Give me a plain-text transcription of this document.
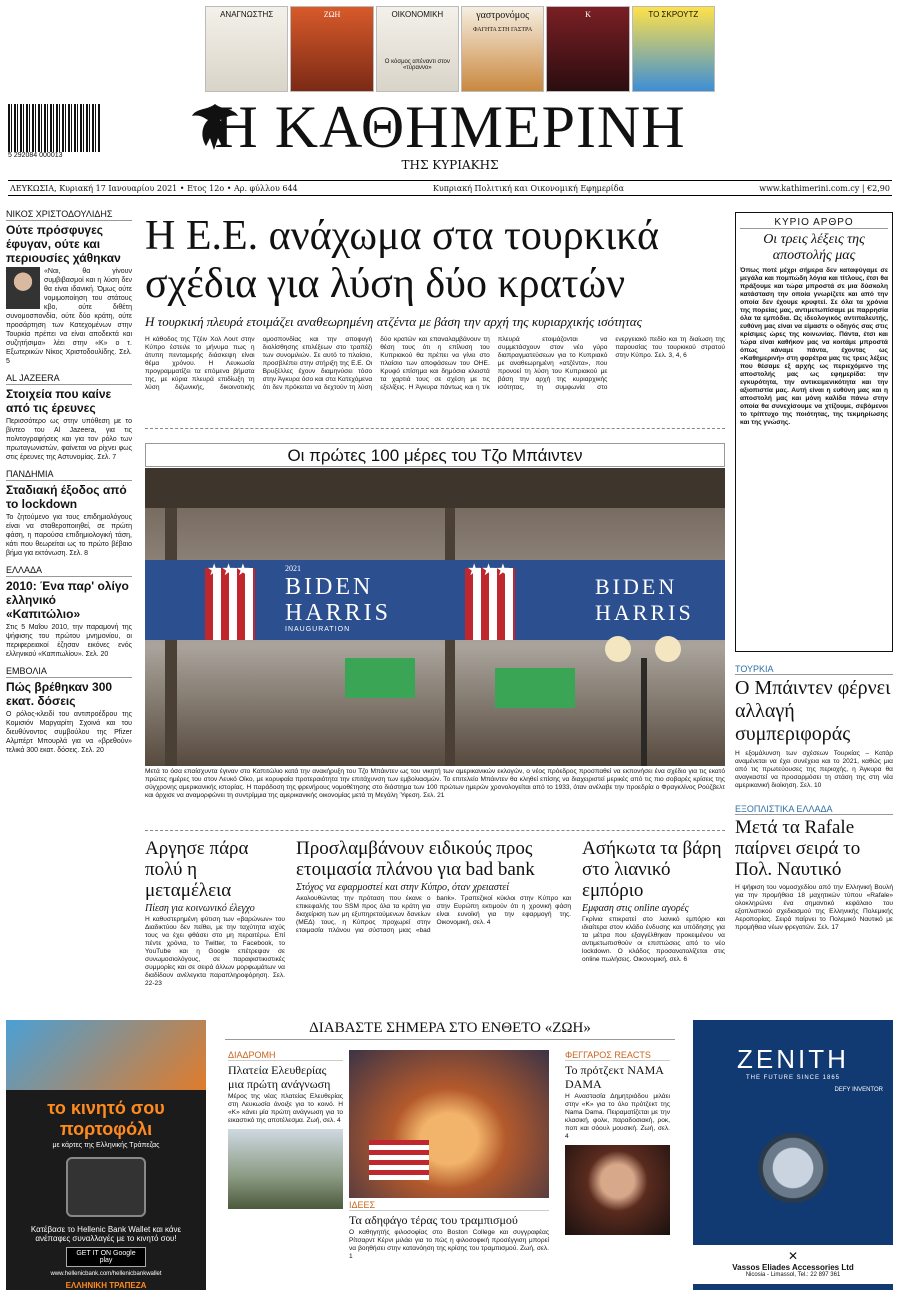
ΑΝΑΓΝΩΣΤΗΣ	ΖΩΗ	ΟΙΚΟΝΟΜΙΚΗ
Ο κόσμος απέναντι στον «τύραννο»
γαστρονόμος
ΦΑΓΗΤΑ ΣΤΗ ΓΑΣΤΡΑ
Κ	ΤΟ ΣΚΡΟΥΤΖ
5 292084 000013	Η ΚΑΘΗΜΕΡΙΝΗ
ΤΗΣ ΚΥΡΙΑΚΗΣ
ΛΕΥΚΩΣΙΑ, Κυριακή 17 Ιανουαρίου 2021 • Ετος 12ο • Αρ. φύλλου 644	Κυπριακή Πολιτική και Οικονομική Εφημερίδα	www.kathimerini.com.cy | €2,90
ΝΙΚΟΣ ΧΡΙΣΤΟΔΟΥΛΙΔΗΣ
Ούτε πρόσφυγες έφυγαν, ούτε και περιουσίες χάθηκαν
«Ναι, θα γίνουν συμβιβασμοί και η λύση δεν θα είναι ιδανική. Όμως ούτε νομιμοποίηση του στάτους κβο, ούτε διθέτη συνομοσπονδία, ούτε δύο κράτη, ούτε προσάρτηση των Κατεχομένων στην Τουρκία πρέπει να είναι αποδεκτά και συζητήσιμα» λέει στην «Κ» ο τ. Εξωτερικών Νίκος Χριστοδουλίδης. Σελ. 5
AL JAZEERA
Στοιχεία που καίνε από τις έρευνες
Περισσότερο ως στην υπόθεση με το βίντεο του Al Jazeera, για τις πολιτογραφήσεις και για τον ρόλο των πρωταγωνιστών, φαίνεται να ρίχνει φως στις έρευνες της Αστυνομίας. Σελ. 7
ΠΑΝΔΗΜΙΑ
Σταδιακή έξοδος από το lockdown
Το ζητούμενο για τους επιδημιολόγους είναι να σταθεροποιηθεί, σε πρώτη φάση, η παρούσα επιδημιολογική τάση, κάτι που θεωρείται ως το πρώτο βέβαιο βήμα για εκτόνωση. Σελ. 8
ΕΛΛΑΔΑ
2010: Ένα παρ' ολίγο ελληνικό «Καπιτώλιο»
Στις 5 Μαΐου 2010, την παραμονή της ψήφισης του πρώτου μνημονίου, οι περιφερειακοί έζησαν εικόνες ενός ελληνικού «Καπιτωλίου». Σελ. 20
ΕΜΒΟΛΙΑ
Πώς βρέθηκαν 300 εκατ. δόσεις
Ο ρόλος-κλειδί του αντιπροέδρου της Κομισιόν Μαργαρίτη Σχοινά και του διευθύνοντος συμβούλου της Pfizer Αλμπέρτ Μπουρλά για να «βρεθούν» τελικά 300 εκατ. δόσεις. Σελ. 20
Η Ε.Ε. ανάχωμα στα τουρκικά σχέδια για λύση δύο κρατών
Η τουρκική πλευρά ετοιμάζει αναθεωρημένη ατζέντα με βάση την αρχή της κυριαρχικής ισότητας
Η κάθοδος της Τζέιν Χολ Λουτ στην Κύπρο έστειλε το μήνυμα πως η άτυπη πενταμερής διάσκεψη είναι θέμα χρόνου. Η Λευκωσία προγραμματίζει τα επόμενα βήματα της, με κύρια πλευρά επιδίωξη τη λύση διζωνικής, δικοινοτικής ομοσπονδίας και την αποφυγή διολίσθησης επιλέξεων στο τραπέζι των συνομιλιών. Σε αυτό το πλαίσιο, προσβλέπει στην στήριξη της Ε.Ε. Οι Βρυξέλλες έχουν διαμηνύσει τόσο στην Άγκυρα όσο και στα Κατεχόμενα ότι δεν πρόκειται να δεχτούν τη λύση δύο κρατών και επαναλαμβάνουν τη θέση τους ότι η επίλυση του Κυπριακού θα πρέπει να γίνει στο πλαίσιο των αποφάσεων του ΟΗΕ. Κρυφό επίσημα και δημόσια κλειστά τα χαρτιά τους σε σχέση με τις εξελίξεις. Η Άγκυρα πάντως και η τ/κ πλευρά ετοιμάζονται να συμμετάσχουν στον νέο γύρο διαπραγματεύσεων για το Κυπριακό με αναθεωρημένη «ατζέντα», που προνοεί τη λύση του Κυπριακού με βάση την αρχή της κυριαρχικής ισότητας, τη συμφωνία στο ενεργειακό πεδίο και τη διαίωση της παρουσίας του τουρκικού στρατού στην Κύπρο. Σελ. 3, 4, 6
Οι πρώτες 100 μέρες του Τζο Μπάιντεν
★★★	2021
BIDEN
HARRIS
INAUGURATION
★★★
BIDEN
HARRIS
Μετά το όσα επαίσχυντα έγιναν στο Καπιτώλιο κατά την ανακήρυξη του Τζο Μπάιντεν ως του νικητή των αμερικανικών εκλογών, ο νέος πρόεδρος προσπαθεί να εκπονήσει ένα σχέδιο για τις εκατό πρώτες ημέρες του στον Λευκό Οίκο, με κορυφαία προτεραιότητα την επιτάχυνση των εμβολιασμών. Το επιτελείο Μπάιντεν θα κληθεί επίσης να διαχειριστεί μερικές από τις πιο σοβαρές κρίσεις της σύγχρονης αμερικανικής ιστορίας. Η παράδοση της φρενήρους νομοθέτησης στο διάστημα των 100 πρώτων ημερών χρονολογείται από το 1933, όταν ανέλαβε την προεδρία ο Φραγκλίνος Ρούζβελτ και άρχισε να αναμορφώνει τη συντρίμμια της αμερικανικής οικονομίας μετά τη Μεγάλη Ύφεση. Σελ. 21
Αργησε πάρα πολύ η μεταμέλεια
Πίεση για κοινωνικό έλεγχο
Η καθυστερημένη φύτιση των «βαρώνων» του Διαδικτύου δεν πείθει, με την ταχύτητα ισχύς τους να έχει φθάσει στο μη περαιτέρω. Επί πέντε χρόνια, το Twitter, το Facebook, το YouTube και η Google επέτρεψαν σε συνωμοσιολόγους, σε παραφιστικιστικές συμμορίες και σε σειρά άλλων μορφωμάτων να διαδίδουν ανέλεγκτα παραπληροφόρηση. Σελ. 22-23
Προσλαμβάνουν ειδικούς προς ετοιμασία πλάνου για bad bank
Στόχος να εφαρμοστεί και στην Κύπρο, όταν χρειαστεί
Ακολουθώντας την πρόταση που έκανε ο επικεφαλής του SSM προς όλα τα κράτη για διαχείριση των μη εξυπηρετούμενων δανείων (ΜΕΔ) τους, η Κύπρος προχωρεί στην ετοιμασία πλάνου για σύσταση μιας «bad bank». Τραπεζικοί κύκλοι στην Κύπρο και στην Ευρώπη εκτιμούν ότι η χρονική φάση είναι ευνοϊκή για την εφαρμογή της. Οικονομική, σελ. 4
Ασήκωτα τα βάρη στο λιανικό εμπόριο
Εμφαση στις online αγορές
Γκρίνια επικρατεί στο λιανικό εμπόριο και ιδιαίτερα στον κλάδο ένδυσης και υπόδησης για τα μέτρα που εξαγγέλθηκαν προκειμένου να αντιμετωπισθούν οι επιπτώσεις από το νέο lockdown. Ο κλάδος προσανατολίζεται στις online πωλήσεις. Οικονομική, σελ. 6
ΚΥΡΙΟ ΑΡΘΡΟ
Οι τρεις λέξεις της αποστολής μας
Όπως ποτέ μέχρι σήμερα δεν καταφύγαμε σε μεγάλα και πομπώδη λόγια και τίτλους, έτσι θα πράξουμε και τώρα μπροστά σε μια δύσκολη κατάσταση την οποία γνωρίζετε και από την οποία δεν έχουμε κρυφτεί. Σε όλα τα χρόνια της πορείας μας, αντιμετωπίσαμε με παρρησία όλα τα εμπόδια. Ως ιδεολογικός αντιπαλευτής, ευθύνη μας είναι να είμαστε ο οδηγός σας στις κρίσιμες ώρες της κοινωνίας. Πάντα, έτσι και τώρα είναι καθήκον μας να κοιτάμε μπροστά όπως κάναμε πάντα, έχοντας ως «Καθημερινή» στη φαρέτρα μας τις τρεις λέξεις που θέσαμε εξ αρχής ως περιεχόμενο της αποστολής μας ως εφημερίδα: την εγκυρότητα, την αντικειμενικότητα και την αξιοπιστία μας. Αυτή είναι η ευθύνη μας και η αποστολή μας και μόνη καλίδα πάνω στην οποία θα συνεχίσουμε να χτίζουμε, σεβόμενοι το τρίπτυχο της ποιότητας, της τεκμηρίωσης και της γνώσης.
ΤΟΥΡΚΙΑ
Ο Μπάιντεν φέρνει αλλαγή συμπεριφοράς
Η εξομάλυνση των σχέσεων Τουρκίας – Κατάρ αναμένεται να έχει συνέχεια και το 2021, καθώς μια από τις πρωτεύουσες της περιοχής, η Άγκυρα θα αναγκαστεί να προσαρμόσει τη στάση της στη νέα αμερικανική διοίκηση. Σελ. 10
ΕΞΟΠΛΙΣΤΙΚΑ ΕΛΛΑΔΑ
Μετά τα Rafale παίρνει σειρά το Πολ. Ναυτικό
Η ψήφιση του νομοσχεδίου από την Ελληνική Βουλή για την προμήθεια 18 μαχητικών τύπου «Rafale» ολοκληρώνει ένα σημαντικό κεφάλαιο του εξοπλιστικού σχεδιασμού της Ελληνικής Πολεμικής Αεροπορίας. Σειρά παίρνει το Πολεμικό Ναυτικό με προμήθεια νέων φρεγατών. Σελ. 17
ΔΙΑΒΑΣΤΕ ΣΗΜΕΡΑ ΣΤΟ ΕΝΘΕΤΟ «ΖΩΗ»
ΔΙΑΔΡΟΜΗ
Πλατεία Ελευθερίας μια πρώτη ανάγνωση
Μέρος της νέας πλατείας Ελευθερίας στη Λευκωσία άνοιξε για το κοινό. Η «Κ» κάνει μία πρώτη ανάγνωση για το εικαστικό της αποτέλεσμα. Ζωή, σελ. 4
ΙΔΕΕΣ
Τα αδηφάγο τέρας του τραμπισμού
Ο καθηγητής φιλοσοφίας στο Boston College και συγγραφέας Ρίτσαρντ Κέρνι μιλάει για το πώς η φιλοσοφική προσέγγιση μπορεί να βοηθήσει στην κατανόηση της κρίσης του τραμπισμού. Ζωή, σελ. 1
ΦΕΓΓΑΡΟΣ REACTS
Το πρότζεκτ NAMA DAMA
Η Αναστασία Δημητριάδου μιλάει στην «Κ» για το όλο πρότζεκτ της Nama Dama. Πειραματίζεται με την κλασική, φολκ, παραδοσιακή, ροκ, ποπ και σόουλ μουσική. Ζωή, σελ. 4
το κινητό σου πορτοφόλι
με κάρτες της Ελληνικής Τράπεζας
Κατέβασε το Hellenic Bank Wallet και κάνε ανέπαφες συναλλαγές με το κινητό σου!
GET IT ON Google play
www.hellenicbank.com/hellenicbankwallet
ΕΛΛΗΝΙΚΗ ΤΡΑΠΕΖΑ
ZENITH
THE FUTURE SINCE 1865
DEFY INVENTOR
✕
Vassos Eliades Accessories Ltd
Nicosia - Limassol, Tel.: 22 897 361
